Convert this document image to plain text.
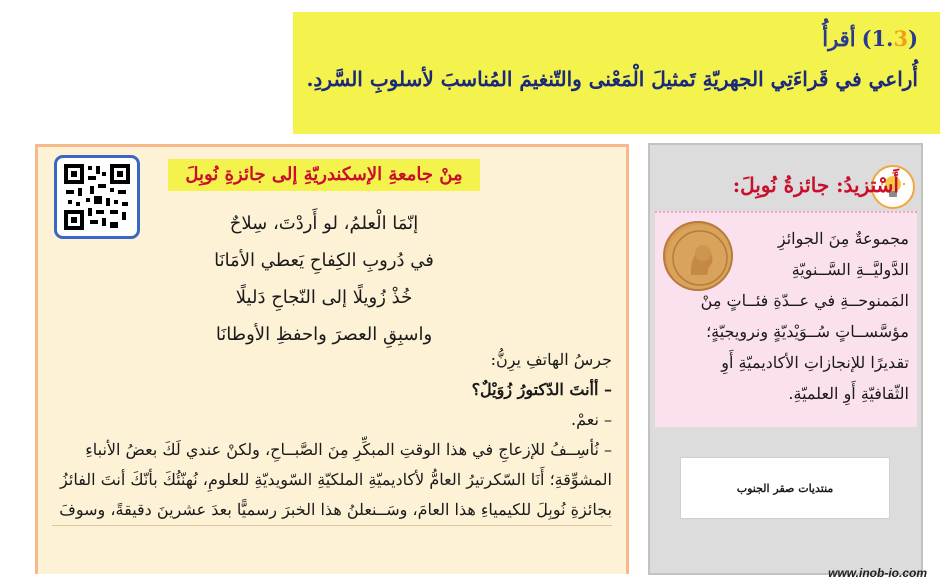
(1.3)
أقرأُ
أُراعي في قَراءَتِي الجهريّةِ تَمثيلَ الْمَعْنى والتّنغيمَ المُناسبَ لأسلوبِ السَّردِ.
مِنْ جامعةِ الإسكندريّةِ إلى جائزةِ نُوبِلَ
إنّمَا الْعلمُ، لو أَردْتَ، سِلاحٌ
في دُروبِ الكِفاحِ يَعطي الأمَانَا
خُذْ زُويلًا إلى النّجاحِ دَليلًا
واسبِقِ العصرَ واحفظِ الأوطانَا
جرسُ الهاتفِ يرِنُّ:
– أأنتَ الدّكتورُ زُوَيْلٌ؟
– نعمْ.
– نُأسِــفُ للإزعاجِ في هذا الوقتِ المبكِّرِ مِنَ الصَّبــاحِ، ولكنْ عندي لَكَ بعضُ الأنباءِ
المشوِّقةِ؛ أَنَا السّكرتيرُ العامُّ لأكاديميّةِ الملكيّةِ السّويديّةِ للعلومِ، نُهنّئُكَ بأنّكَ أنتَ الفائزُ
بجائزةِ نُوبِلَ للكيمياءِ هذا العامَ، وسَــنعلنُ هذا الخبرَ رسميًّا بعدَ عشرينَ دقيقةً، وسوفَ
أَسْتزيدُ: جائزةُ نُوبِلَ:
مجموعةٌ مِنَ الجوائزِ
الدَّوليَّــةِ السَّــنويّةِ
المَمنوحــةِ في عــدّةِ فئــاتٍ مِنْ
مؤسَّســاتٍ سُــوَيْديّةٍ ونرويجيّةٍ؛
تقديرًا للإنجازاتِ الأكاديميّةِ أَوِ
الثّقافيّةِ أَوِ العلميّةِ.
منتديات صقر الجنوب
www.inob-io.com
